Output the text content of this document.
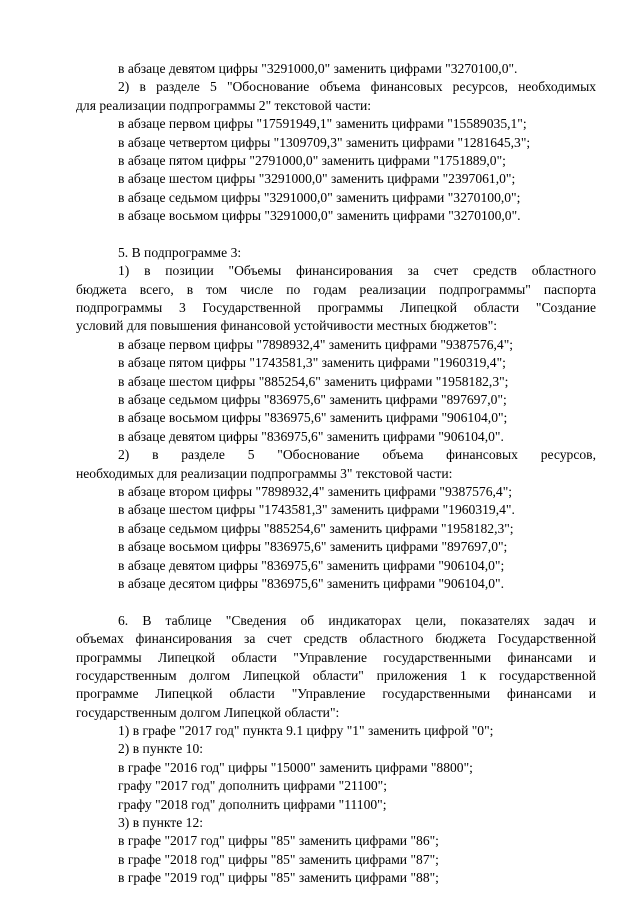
в абзаце девятом цифры "3291000,0" заменить цифрами "3270100,0".
2) в разделе 5 "Обоснование объема финансовых ресурсов, необходимых
для реализации подпрограммы 2" текстовой части:
в абзаце первом цифры "17591949,1" заменить цифрами "15589035,1";
в абзаце четвертом цифры "1309709,3" заменить цифрами "1281645,3";
в абзаце пятом цифры "2791000,0" заменить цифрами "1751889,0";
в абзаце шестом цифры "3291000,0" заменить цифрами "2397061,0";
в абзаце седьмом цифры "3291000,0" заменить цифрами "3270100,0";
в абзаце восьмом цифры "3291000,0" заменить цифрами "3270100,0".
5. В подпрограмме 3:
1) в позиции "Объемы финансирования за счет средств областного
бюджета всего, в том числе по годам реализации подпрограммы" паспорта
подпрограммы 3 Государственной программы Липецкой области "Создание
условий для повышения финансовой устойчивости местных бюджетов":
в абзаце первом цифры "7898932,4" заменить цифрами "9387576,4";
в абзаце пятом цифры "1743581,3" заменить цифрами "1960319,4";
в абзаце шестом цифры "885254,6" заменить цифрами "1958182,3";
в абзаце седьмом цифры "836975,6" заменить цифрами "897697,0";
в абзаце восьмом цифры "836975,6" заменить цифрами "906104,0";
в абзаце девятом цифры "836975,6" заменить цифрами "906104,0".
2) в разделе 5 "Обоснование объема финансовых ресурсов,
необходимых для реализации подпрограммы 3" текстовой части:
в абзаце втором цифры "7898932,4" заменить цифрами "9387576,4";
в абзаце шестом цифры "1743581,3" заменить цифрами "1960319,4".
в абзаце седьмом цифры "885254,6" заменить цифрами "1958182,3";
в абзаце восьмом цифры "836975,6" заменить цифрами "897697,0";
в абзаце девятом цифры "836975,6" заменить цифрами "906104,0";
в абзаце десятом цифры "836975,6" заменить цифрами "906104,0".
6. В таблице "Сведения об индикаторах цели, показателях задач и
объемах финансирования за счет средств областного бюджета Государственной
программы Липецкой области "Управление государственными финансами и
государственным долгом Липецкой области" приложения 1 к государственной
программе Липецкой области "Управление государственными финансами и
государственным долгом Липецкой области":
1) в графе "2017 год" пункта 9.1 цифру "1" заменить цифрой "0";
2) в пункте 10:
в графе "2016 год" цифры "15000" заменить цифрами "8800";
графу "2017 год" дополнить цифрами "21100";
графу "2018 год" дополнить цифрами "11100";
3) в пункте 12:
в графе "2017 год" цифры "85" заменить цифрами "86";
в графе "2018 год" цифры "85" заменить цифрами "87";
в графе "2019 год" цифры "85" заменить цифрами "88";
